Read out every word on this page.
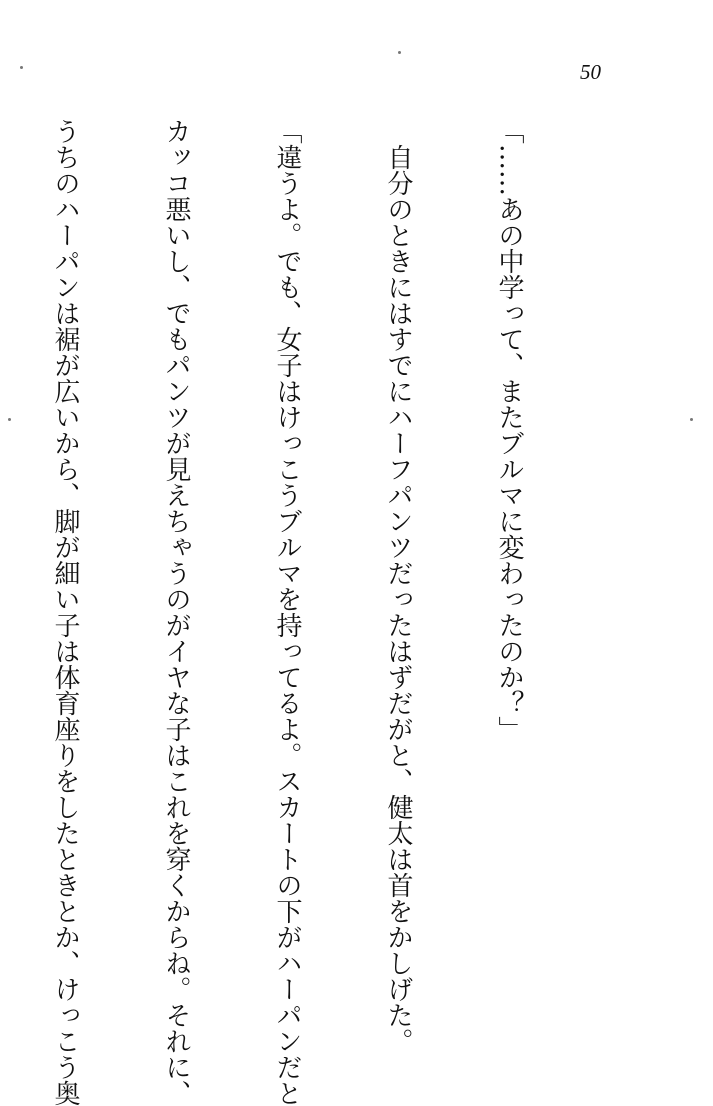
50

「……あの中学って、またブルマに変わったのか？」

　自分のときにはすでにハーフパンツだったはずだがと、健太は首をかしげた。

「違うよ。でも、女子はけっこうブルマを持ってるよ。スカートの下がハーパンだと

カッコ悪いし、でもパンツが見えちゃうのがイヤな子はこれを穿くからね。それに、

うちのハーパンは裾が広いから、脚が細い子は体育座りをしたときとか、けっこう奥
